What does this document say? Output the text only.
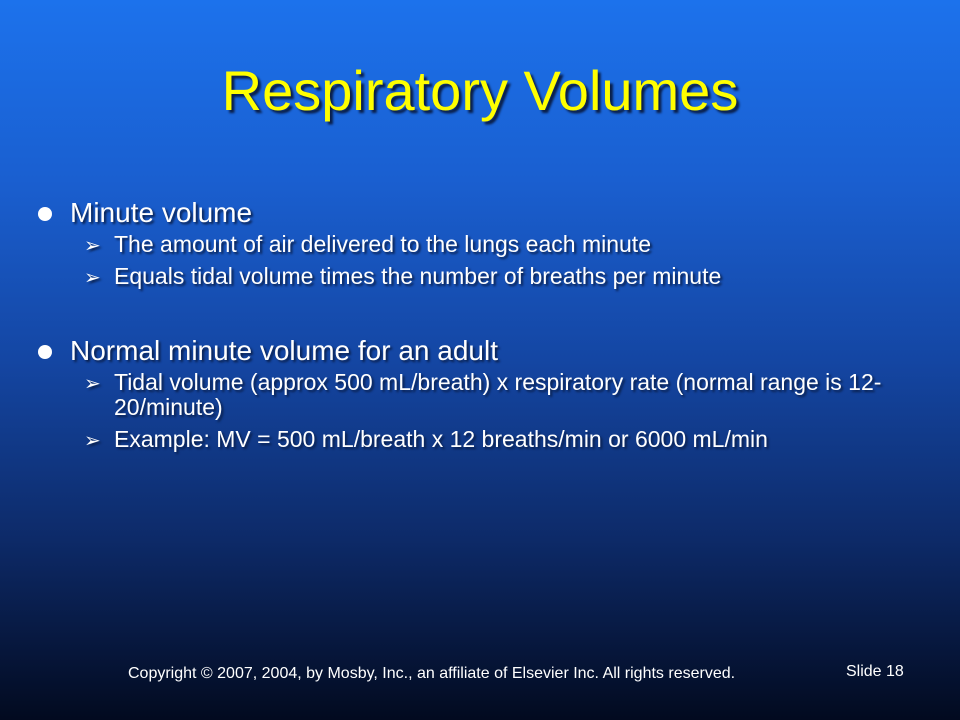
Respiratory Volumes
Minute volume
➢ The amount of air delivered to the lungs each minute
➢ Equals tidal volume times the number of breaths per minute
Normal minute volume for an adult
➢ Tidal volume (approx 500 mL/breath) x respiratory rate (normal range is 12-20/minute)
➢ Example: MV = 500 mL/breath x 12 breaths/min or 6000 mL/min
Copyright © 2007, 2004, by Mosby, Inc., an affiliate of Elsevier Inc. All rights reserved.	Slide 18
